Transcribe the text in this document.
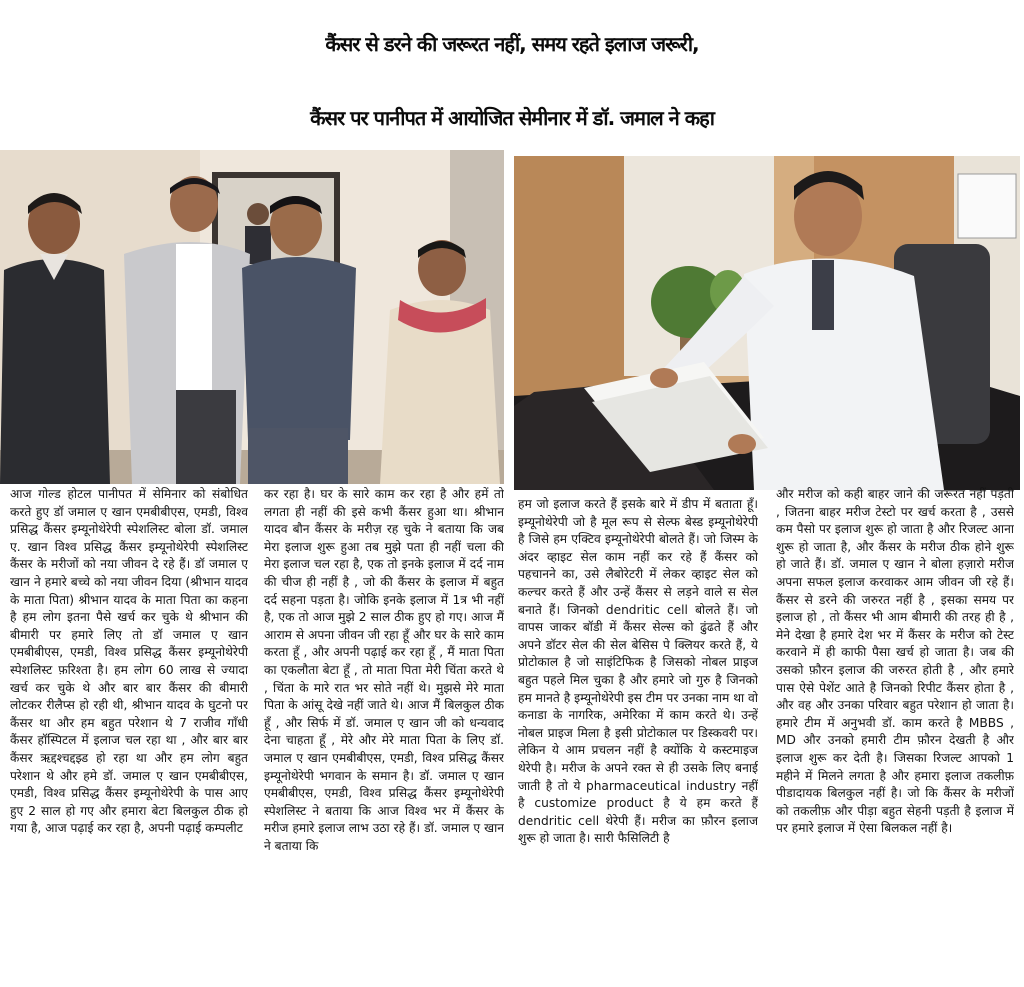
कैंसर से डरने की जरूरत नहीं, समय रहते इलाज जरूरी,
कैंसर पर पानीपत में आयोजित सेमीनार में डॉ. जमाल ने कहा

आज गोल्ड होटल पानीपत में सेमिनार को संबोधित करते हुए डॉ जमाल ए खान एमबीबीएस, एमडी, विश्व प्रसिद्ध कैंसर इम्यूनोथेरेपी स्पेशलिस्ट बोला डॉ. जमाल ए. खान विश्व प्रसिद्ध कैंसर इम्यूनोथेरेपी स्पेशलिस्ट कैंसर के मरीजों को नया जीवन दे रहे हैं। डॉ जमाल ए खान ने हमारे बच्चे को नया जीवन दिया (श्रीभान यादव के माता पिता) श्रीभान यादव के माता पिता का कहना है हम लोग इतना पैसे खर्च कर चुके थे श्रीभान की बीमारी पर हमारे लिए तो डॉ जमाल ए खान एमबीबीएस, एमडी, विश्व प्रसिद्ध कैंसर इम्यूनोथेरेपी स्पेशलिस्ट फ़रिश्ता है। हम लोग 60 लाख से ज्यादा खर्च कर चुके थे और बार बार कैंसर की बीमारी लोटकर रीलैप्स हो रही थी, श्रीभान यादव के घुटनो पर कैंसर था और हम बहुत परेशान थे 7 राजीव गाँधी कैंसर हॉस्पिटल में इलाज चल रहा था , और बार बार कैंसर ऋद्दश्चद्दझ्ड हो रहा था और हम लोग बहुत परेशान थे और हमे डॉ. जमाल ए खान एमबीबीएस, एमडी, विश्व प्रसिद्ध कैंसर इम्यूनोथेरेपी के पास आए हुए 2 साल हो गए और हमारा बेटा बिलकुल ठीक हो गया है, आज पढ़ाई कर रहा है, अपनी पढ़ाई कम्पलीट

कर रहा है। घर के सारे काम कर रहा है और हमें तो लगता ही नहीं की इसे कभी कैंसर हुआ था। श्रीभान यादव बौन कैंसर के मरीज़ रह चुके ने बताया कि जब मेरा इलाज शुरू हुआ तब मुझे पता ही नहीं चला की मेरा इलाज चल रहा है, एक तो इनके इलाज में दर्द नाम की चीज ही नहीं है , जो की कैंसर के इलाज में बहुत दर्द सहना पड़ता है। जोकि इनके इलाज में 1त्र भी नहीं है, एक तो आज मुझे 2 साल ठीक हुए हो गए। आज मैं आराम से अपना जीवन जी रहा हूँ और घर के सारे काम करता हूँ , और अपनी पढ़ाई कर रहा हूँ , मैं माता पिता का एकलौता बेटा हूँ , तो माता पिता मेरी चिंता करते थे , चिंता के मारे रात भर सोते नहीं थे। मुझसे मेरे माता पिता के आंसू देखे नहीं जाते थे। आज मैं बिलकुल ठीक हूँ , और सिर्फ में डॉ. जमाल ए खान जी को धन्यवाद देना चाहता हूँ , मेरे और मेरे माता पिता के लिए डॉ. जमाल ए खान एमबीबीएस, एमडी, विश्व प्रसिद्ध कैंसर इम्यूनोथेरेपी भगवान के समान है। डॉ. जमाल ए खान एमबीबीएस, एमडी, विश्व प्रसिद्ध कैंसर इम्यूनोथेरेपी स्पेशलिस्ट ने बताया कि आज विश्व भर में कैंसर के मरीज हमारे इलाज लाभ उठा रहे हैं। डॉ. जमाल ए खान ने बताया कि

हम जो इलाज करते हैं इसके बारे में डीप में बताता हूँ। इम्यूनोथेरेपी जो है मूल रूप से सेल्फ बेस्ड इम्यूनोथेरेपी है जिसे हम एक्टिव इम्यूनोथेरेपी बोलते हैं। जो जिस्म के अंदर व्हाइट सेल काम नहीं कर रहे हैं कैंसर को पहचानने का, उसे लैबोरेटरी में लेकर व्हाइट सेल को कल्चर करते हैं और उन्हें कैंसर से लड़ने वाले स सेल बनाते हैं। जिनको dendritic cell बोलते हैं। जो वापस जाकर बॉडी में कैंसर सेल्स को ढुंढते हैं और अपने डॉटर सेल की सेल बेसिस पे क्लियर करते हैं, ये प्रोटोकाल है जो साइंटिफिक है जिसको नोबल प्राइज बहुत पहले मिल चुका है और हमारे जो गुरु है जिनको हम मानते है इम्यूनोथेरेपी इस टीम पर उनका नाम था वो कनाडा के नागरिक, अमेरिका में काम करते थे। उन्हें नोबल प्राइज मिला है इसी प्रोटोकाल पर डिस्कवरी पर। लेकिन ये आम प्रचलन नहीं है क्योंकि ये कस्टमाइज थेरेपी है। मरीज के अपने रक्त से ही उसके लिए बनाई जाती है तो ये pharmaceutical industry नहीं है customize product है ये हम करते हैं dendritic cell थेरेपी हैं। मरीज का फ़ौरन इलाज शुरू हो जाता है। सारी फैसिलिटी है

और मरीज को कही बाहर जाने की जरूरत नहीं पड़ती , जितना बाहर मरीज टेस्टो पर खर्च करता है , उससे कम पैसो पर इलाज शुरू हो जाता है और रिजल्ट आना शुरू हो जाता है, और कैंसर के मरीज ठीक होने शुरू हो जाते हैं। डॉ. जमाल ए खान ने बोला हज़ारो मरीज अपना सफल इलाज करवाकर आम जीवन जी रहे हैं। कैंसर से डरने की जरुरत नहीं है , इसका समय पर इलाज हो , तो कैंसर भी आम बीमारी की तरह ही है , मेने देखा है हमारे देश भर में कैंसर के मरीज को टेस्ट करवाने में ही काफी पैसा खर्च हो जाता है। जब की उसको फ़ौरन इलाज की जरुरत होती है , और हमारे पास ऐसे पेशेंट आते है जिनको रिपीट कैंसर होता है , और वह और उनका परिवार बहुत परेशान हो जाता है। हमारे टीम में अनुभवी डॉ. काम करते है MBBS , MD और उनको हमारी टीम फ़ौरन देखती है और इलाज शुरू कर देती है। जिसका रिजल्ट आपको 1 महीने में मिलने लगता है और हमारा इलाज तकलीफ़ पीडादायक बिलकुल नहीं है। जो कि कैंसर के मरीजों को तकलीफ़ और पीड़ा बहुत सेहनी पड़ती है इलाज में पर हमारे इलाज में ऐसा बिलकल नहीं है।
